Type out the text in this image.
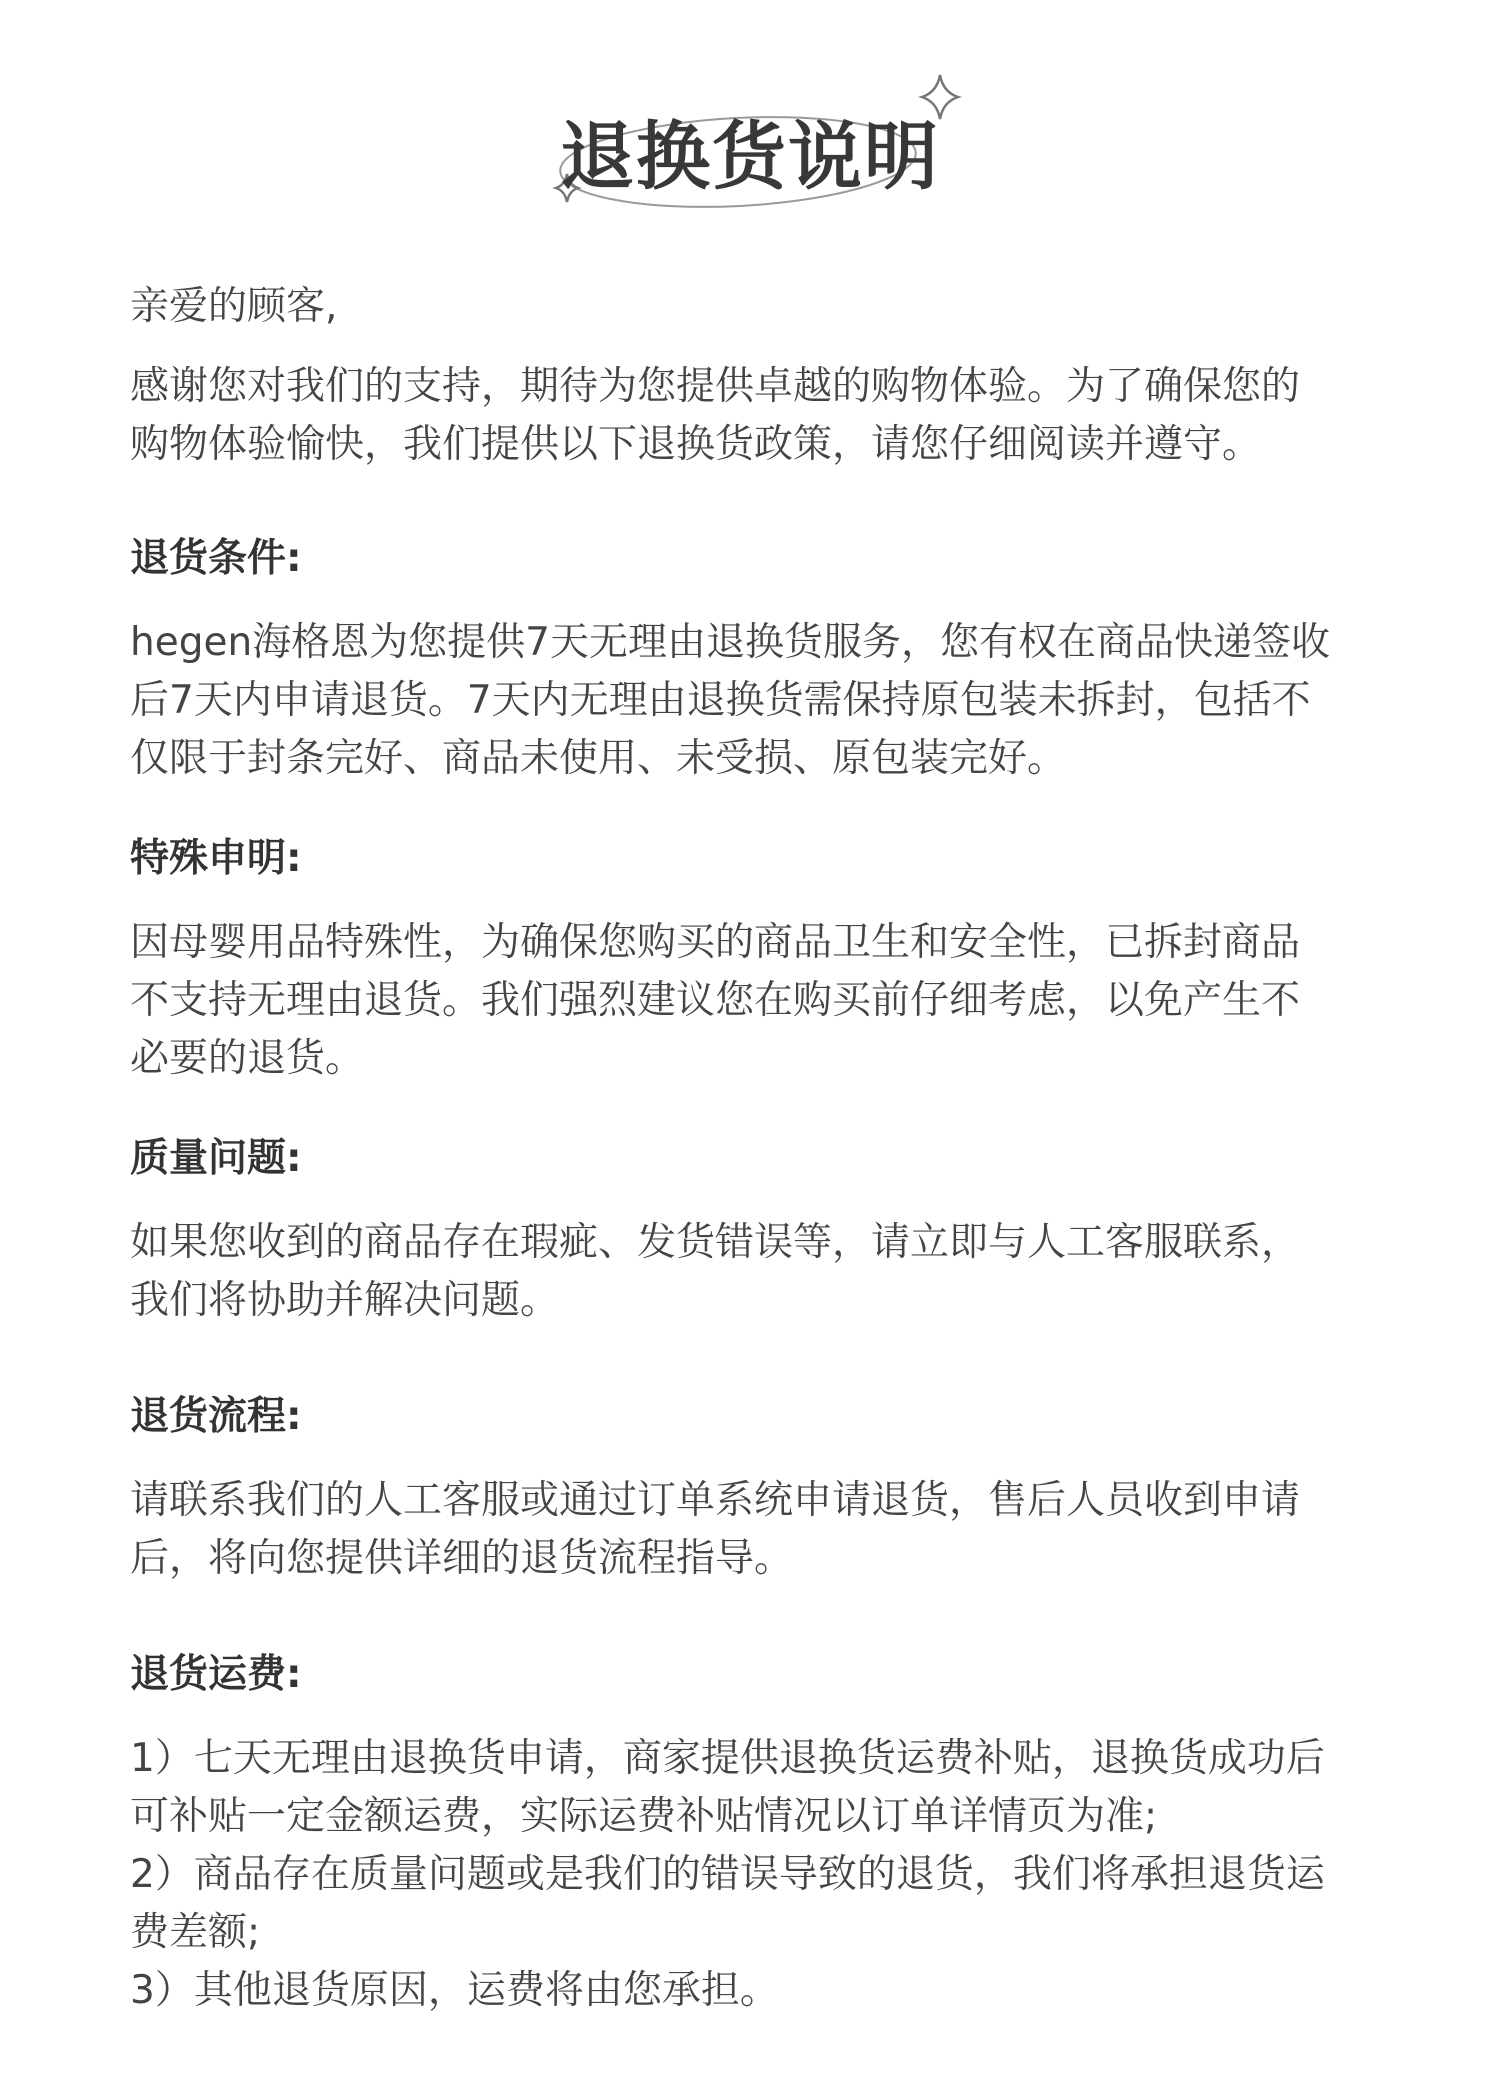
退换货说明

亲爱的顾客,

感谢您对我们的支持，期待为您提供卓越的购物体验。为了确保您的

购物体验愉快，我们提供以下退换货政策，请您仔细阅读并遵守。

退货条件:

hegen海格恩为您提供7天无理由退换货服务，您有权在商品快递签收

后7天内申请退货。7天内无理由退换货需保持原包装未拆封，包括不

仅限于封条完好、商品未使用、未受损、原包装完好。

特殊申明:

因母婴用品特殊性，为确保您购买的商品卫生和安全性，已拆封商品

不支持无理由退货。我们强烈建议您在购买前仔细考虑，以免产生不

必要的退货。

质量问题:

如果您收到的商品存在瑕疵、发货错误等，请立即与人工客服联系，

我们将协助并解决问题。

退货流程:

请联系我们的人工客服或通过订单系统申请退货，售后人员收到申请

后，将向您提供详细的退货流程指导。

退货运费:

1）七天无理由退换货申请，商家提供退换货运费补贴，退换货成功后

可补贴一定金额运费，实际运费补贴情况以订单详情页为准;

2）商品存在质量问题或是我们的错误导致的退货，我们将承担退货运

费差额;

3）其他退货原因，运费将由您承担。
